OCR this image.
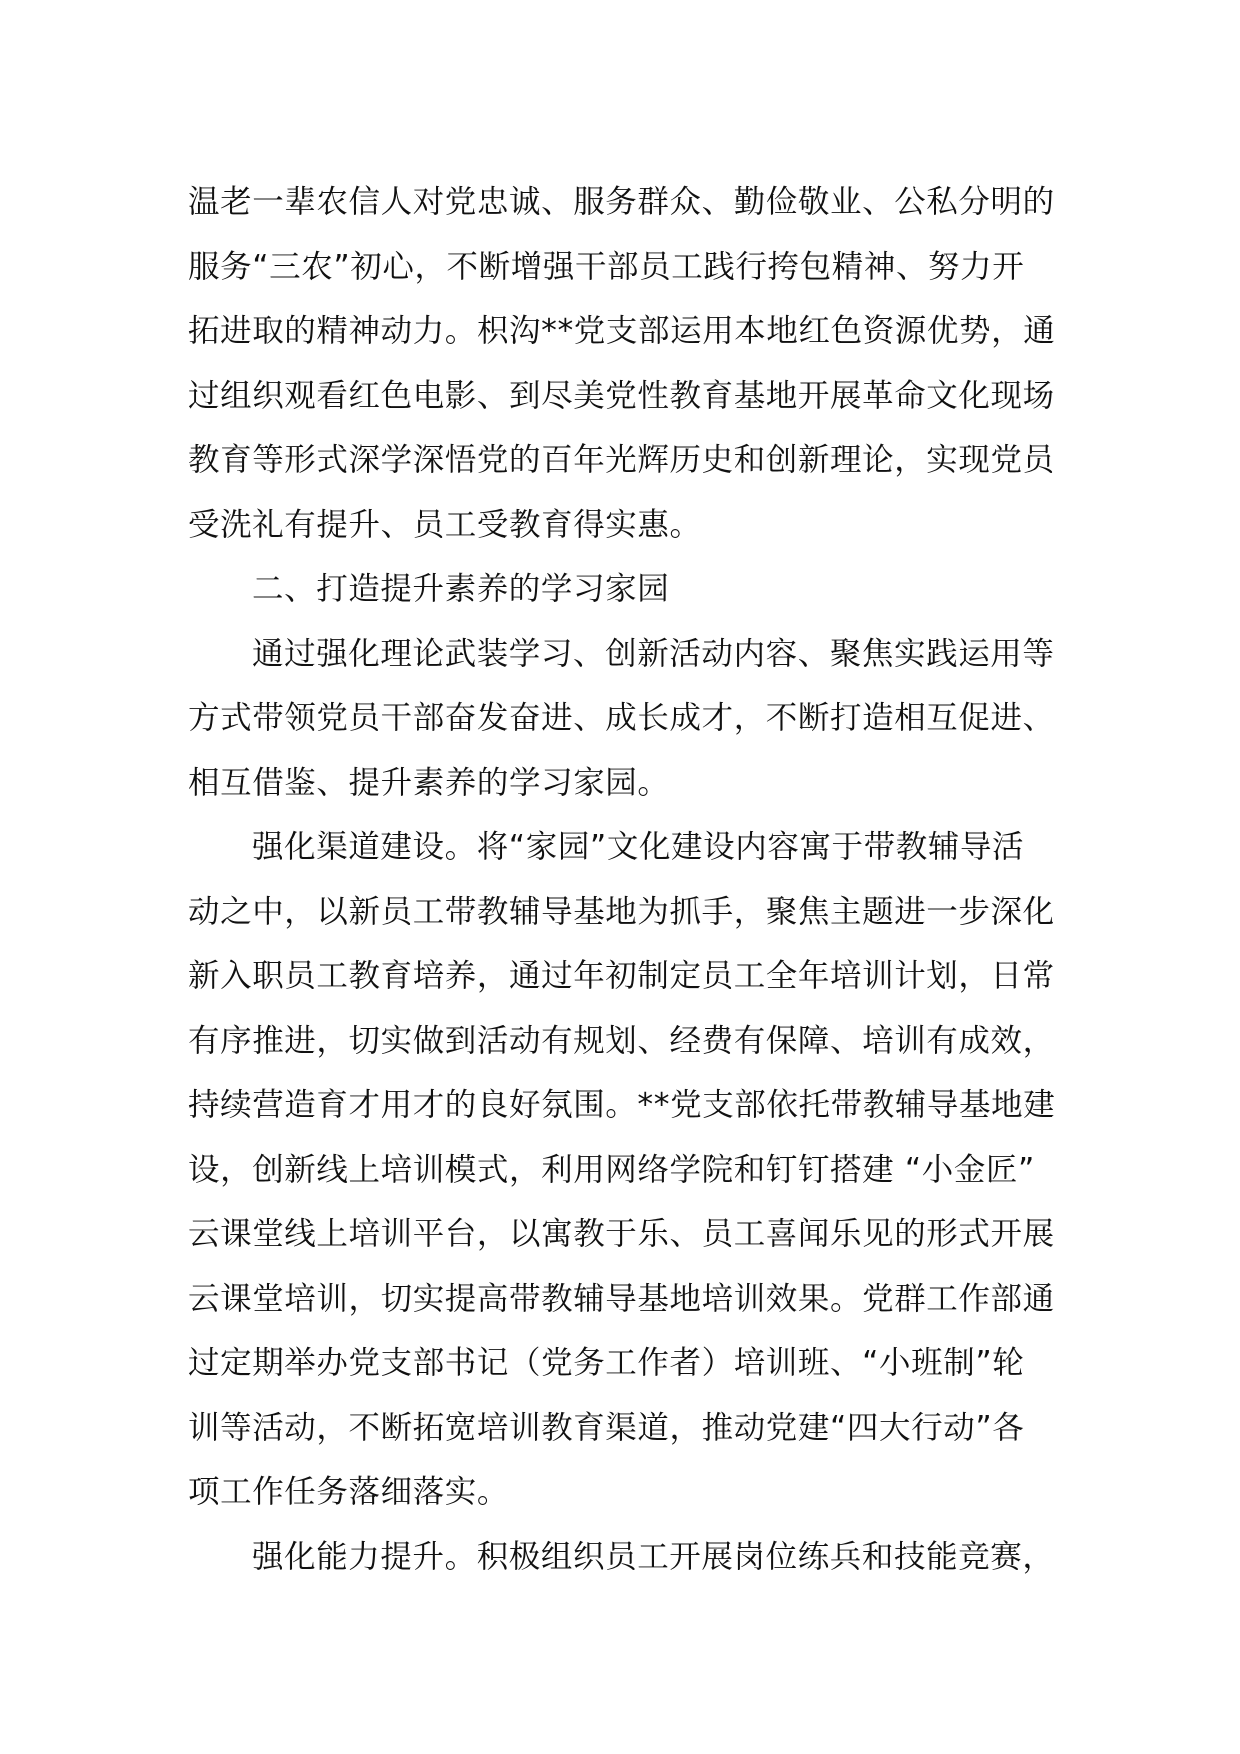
温老一辈农信人对党忠诚、服务群众、勤俭敬业、公私分明的
服务“三农”初心，不断增强干部员工践行挎包精神、努力开
拓进取的精神动力。枳沟**党支部运用本地红色资源优势，通
过组织观看红色电影、到尽美党性教育基地开展革命文化现场
教育等形式深学深悟党的百年光辉历史和创新理论，实现党员
受洗礼有提升、员工受教育得实惠。
二、打造提升素养的学习家园
通过强化理论武装学习、创新活动内容、聚焦实践运用等
方式带领党员干部奋发奋进、成长成才，不断打造相互促进、
相互借鉴、提升素养的学习家园。
强化渠道建设。将“家园”文化建设内容寓于带教辅导活
动之中，以新员工带教辅导基地为抓手，聚焦主题进一步深化
新入职员工教育培养，通过年初制定员工全年培训计划，日常
有序推进，切实做到活动有规划、经费有保障、培训有成效，
持续营造育才用才的良好氛围。**党支部依托带教辅导基地建
设，创新线上培训模式，利用网络学院和钉钉搭建 “小金匠”
云课堂线上培训平台，以寓教于乐、员工喜闻乐见的形式开展
云课堂培训，切实提高带教辅导基地培训效果。党群工作部通
过定期举办党支部书记（党务工作者）培训班、“小班制”轮
训等活动，不断拓宽培训教育渠道，推动党建“四大行动”各
项工作任务落细落实。
强化能力提升。积极组织员工开展岗位练兵和技能竞赛，
